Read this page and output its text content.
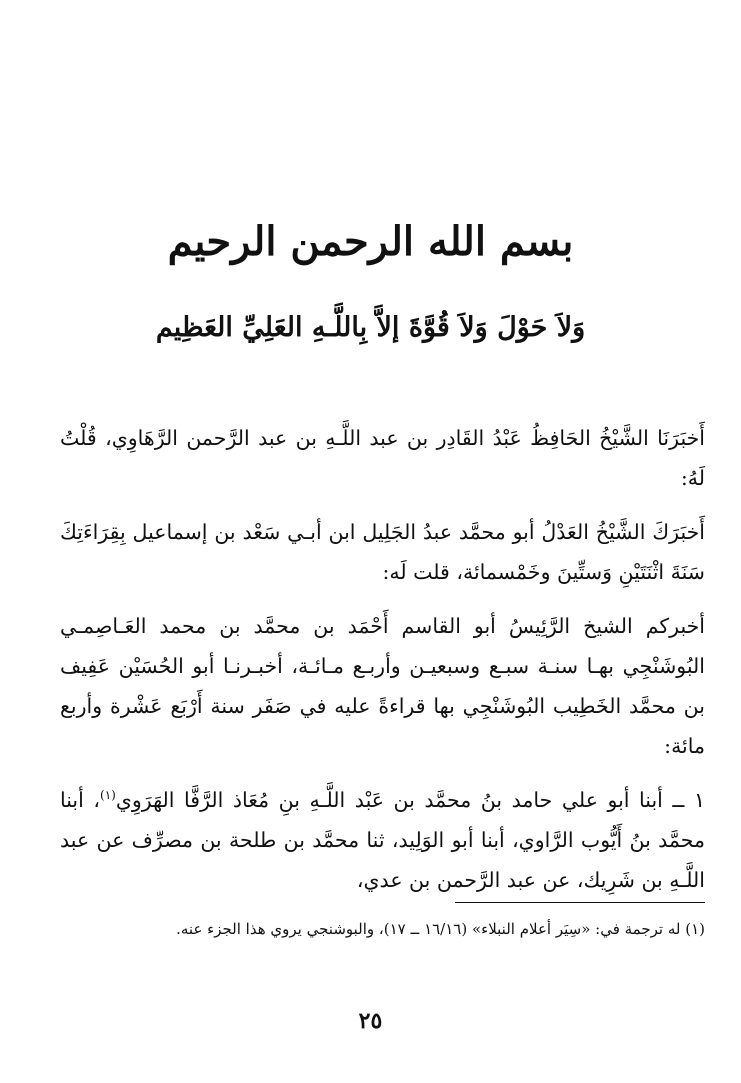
بسم الله الرحمن الرحيم
وَلاَ حَوْلَ وَلاَ قُوَّةَ إلاَّ بِاللَّـهِ العَلِيِّ العَظِيم

أَخبَرَنَا الشَّيْخُ الحَافِظُ عَبْدُ القَادِر بن عبد اللَّـهِ بن عبد الرَّحمن الرَّهَاوِي، قُلْتُ لَهُ:

أَخبَرَكَ الشَّيْخُ العَدْلُ أبو محمَّد عبدُ الجَلِيل ابن أبـي سَعْد بن إسماعيل بِقِرَاءَتِكَ سَنَةَ اثْنَتَيْنِ وَستِّينَ وخَمْسمائة، قلت لَه:

أخبركم الشيخ الرَّئِيسُ أبو القاسم أَحْمَد بن محمَّد بن محمد العَـاصِمـي البُوشَنْجِي بهـا سنـة سبـع وسبعيـن وأربـع مـائـة، أخبـرنـا أبو الحُسَيْن عَفِيف بن محمَّد الخَطِيب البُوشَنْجِي بها قراءةً عليه في صَفَر سنة أَرْبَع عَشْرة وأربع مائة:

١ ــ أبنا أبو علي حامد بنُ محمَّد بن عَبْد اللَّـهِ بنِ مُعَاذ الرَّفَّا الهَرَوِي$^{(١)}$، أبنا محمَّد بنُ أَيُّوب الرَّاوي، أبنا أبو الوَلِيد، ثنا محمَّد بن طلحة بن مصرِّف عن عبد اللَّـهِ بن شَرِيك، عن عبد الرَّحمن بن عدي،

(١) له ترجمة في: «سِيَر أعلام النبلاء» (١٦/١٦ ــ ١٧)، والبوشنجي يروي هذا الجزء عنه.
٢٥
